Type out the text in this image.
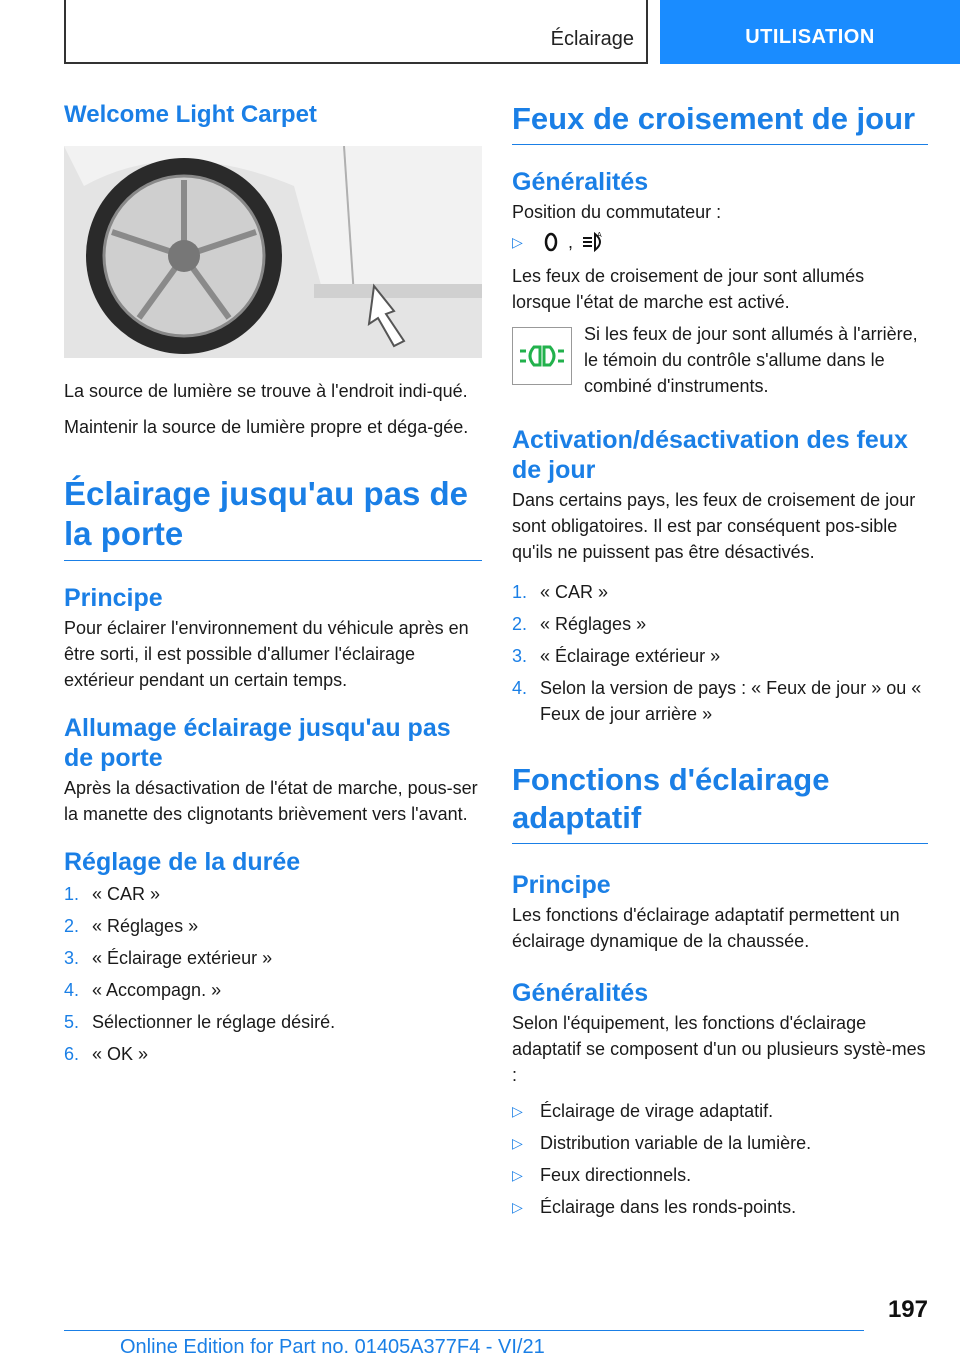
Éclairage	UTILISATION
Welcome Light Carpet

La source de lumière se trouve à l'endroit indi-qué.

Maintenir la source de lumière propre et déga-gée.

Éclairage jusqu'au pas de la porte
Principe

Pour éclairer l'environnement du véhicule après en être sorti, il est possible d'allumer l'éclairage extérieur pendant un certain temps.

Allumage éclairage jusqu'au pas de porte

Après la désactivation de l'état de marche, pous-ser la manette des clignotants brièvement vers l'avant.

Réglage de la durée
1. « CAR »
2. « Réglages »
3. « Éclairage extérieur »
4. « Accompagn. »
5. Sélectionner le réglage désiré.
6. « OK »
Feux de croisement de jour
Généralités

Position du commutateur :

▷	,	A

Les feux de croisement de jour sont allumés lorsque l'état de marche est activé.

Si les feux de jour sont allumés à l'arrière, le témoin du contrôle s'allume dans le combiné d'instruments.

Activation/désactivation des feux de jour

Dans certains pays, les feux de croisement de jour sont obligatoires. Il est par conséquent pos-sible qu'ils ne puissent pas être désactivés.

1. « CAR »
2. « Réglages »
3. « Éclairage extérieur »
4. Selon la version de pays : « Feux de jour » ou « Feux de jour arrière »
Fonctions d'éclairage adaptatif
Principe

Les fonctions d'éclairage adaptatif permettent un éclairage dynamique de la chaussée.

Généralités

Selon l'équipement, les fonctions d'éclairage adaptatif se composent d'un ou plusieurs systè-mes :

▷ Éclairage de virage adaptatif.
▷ Distribution variable de la lumière.
▷ Feux directionnels.
▷ Éclairage dans les ronds-points.
197
Online Edition for Part no. 01405A377F4 - VI/21
